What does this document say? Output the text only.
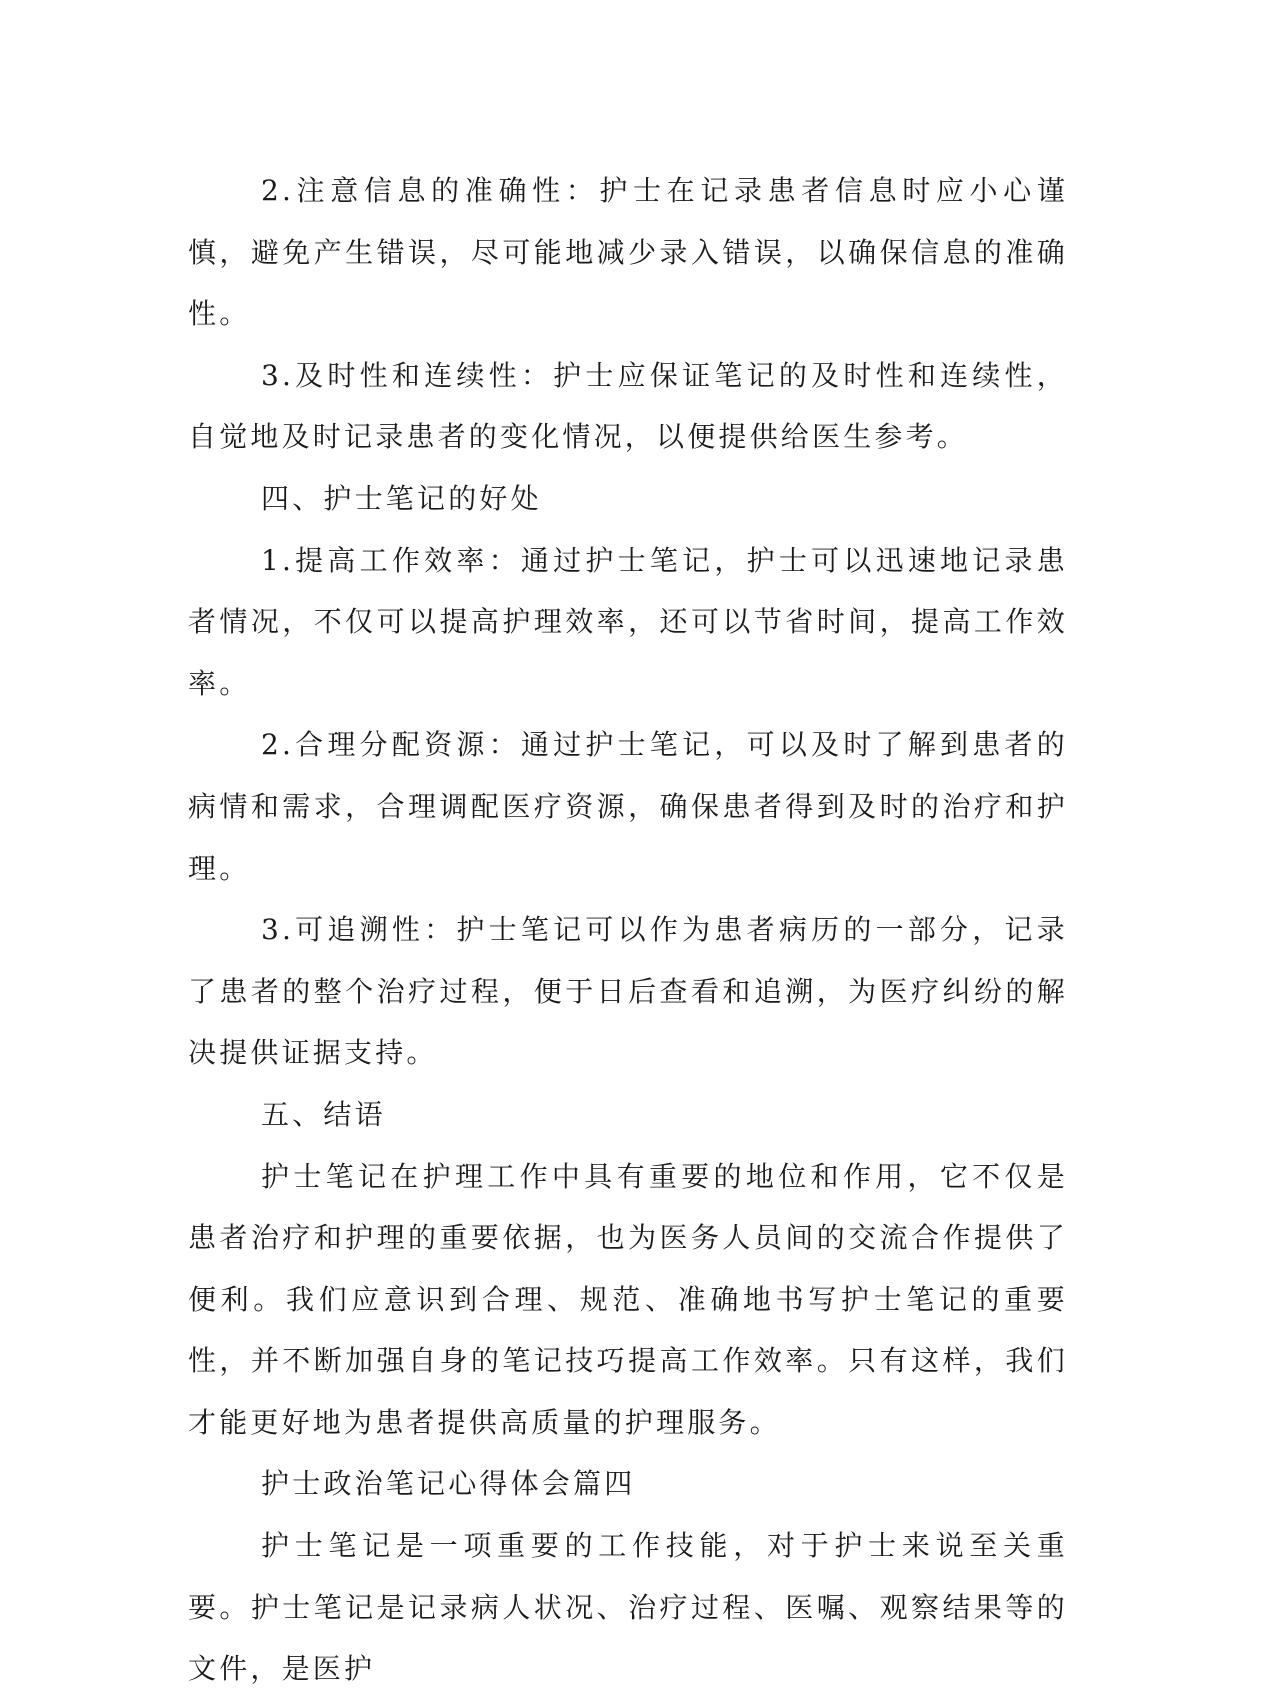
2.注意信息的准确性：护士在记录患者信息时应小心谨慎，避免产生错误，尽可能地减少录入错误，以确保信息的准确性。

3.及时性和连续性：护士应保证笔记的及时性和连续性，自觉地及时记录患者的变化情况，以便提供给医生参考。

四、护士笔记的好处

1.提高工作效率：通过护士笔记，护士可以迅速地记录患者情况，不仅可以提高护理效率，还可以节省时间，提高工作效率。

2.合理分配资源：通过护士笔记，可以及时了解到患者的病情和需求，合理调配医疗资源，确保患者得到及时的治疗和护理。

3.可追溯性：护士笔记可以作为患者病历的一部分，记录了患者的整个治疗过程，便于日后查看和追溯，为医疗纠纷的解决提供证据支持。

五、结语

护士笔记在护理工作中具有重要的地位和作用，它不仅是患者治疗和护理的重要依据，也为医务人员间的交流合作提供了便利。我们应意识到合理、规范、准确地书写护士笔记的重要性，并不断加强自身的笔记技巧提高工作效率。只有这样，我们才能更好地为患者提供高质量的护理服务。

护士政治笔记心得体会篇四

护士笔记是一项重要的工作技能，对于护士来说至关重要。护士笔记是记录病人状况、治疗过程、医嘱、观察结果等的文件，是医护
